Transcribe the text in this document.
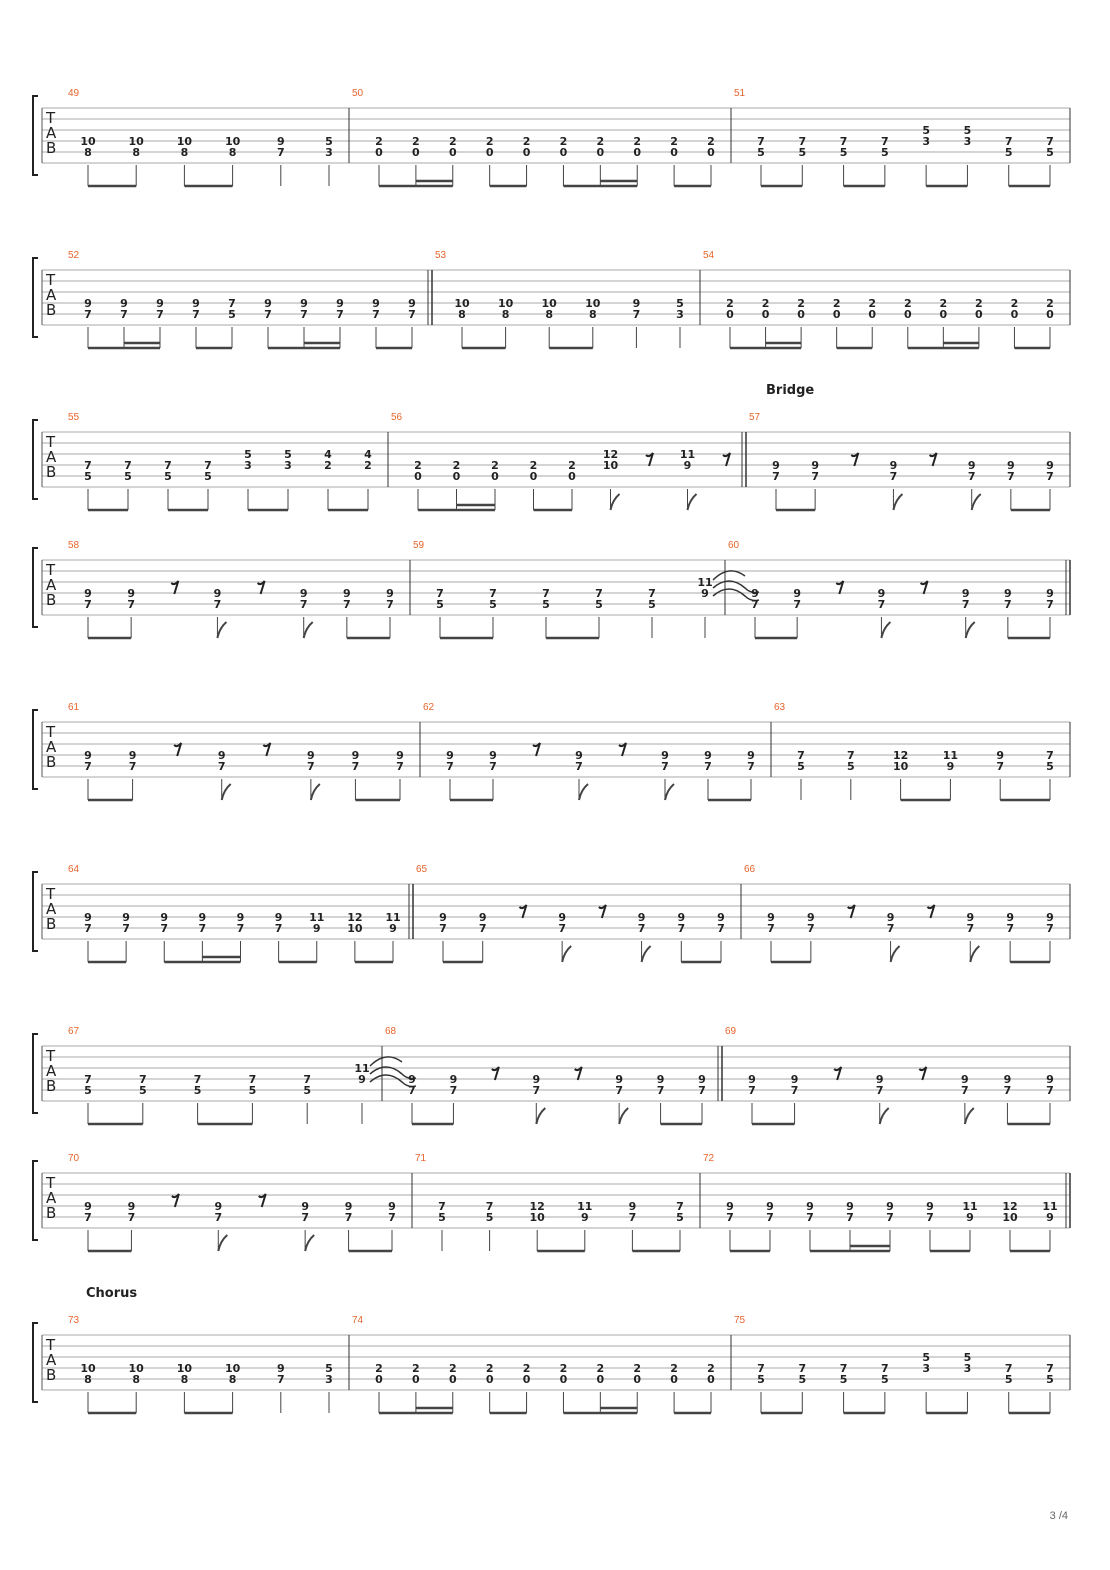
T
A
B
49
10
8
10
8
10
8
10
8
9
7
5
3
50
2
0
2
0
2
0
2
0
2
0
2
0
2
0
2
0
2
0
2
0
51
7
5
7
5
7
5
7
5
5
3
5
3	7
5
7
5
T
A
B
52
9
7
9
7
9
7
9
7
7
5
9
7
9
7
9
7
9
7
9
7
53
10
8
10
8
10
8
10
8
9
7
5
3
54
2
0
2
0
2
0
2
0
2
0
2
0
2
0
2
0
2
0
2
0
T
A
B
55
7
5
7
5
7
5
7
5
5
3
5
3
4
2
4
2
56
2
0
2
0
2
0
2
0
2
0
12
10
11
9
57
Bridge
9
7
9
7
9
7
9
7
9
7
9
7
T
A
B
58
9
7
9
7
9
7
9
7
9
7
9
7
59
7
5
7
5
7
5
7
5
7
5
11
9
60
9
7
9
7
9
7
9
7
9
7
9
7
T
A
B
61
9
7
9
7
9
7
9
7
9
7
9
7
62
9
7
9
7
9
7
9
7
9
7
9
7
63
7
5
7
5
12
10
11
9
9
7
7
5
T
A
B
64
9
7
9
7
9
7
9
7
9
7
9
7
11
9
12
10
11
9
65
9
7
9
7
9
7
9
7
9
7
9
7
66
9
7
9
7
9
7
9
7
9
7
9
7
T
A
B
67
7
5
7
5
7
5
7
5
7
5
11
9
68
9
7
9
7
9
7
9
7
9
7
9
7
69
9
7
9
7
9
7
9
7
9
7
9
7
T
A
B
70
9
7
9
7
9
7
9
7
9
7
9
7
71
7
5
7
5
12
10
11
9
9
7
7
5
72
9
7
9
7
9
7
9
7
9
7
9
7
11
9
12
10
11
9
T
A
B
73
Chorus
10
8
10
8
10
8
10
8
9
7
5
3
74
2
0
2
0
2
0
2
0
2
0
2
0
2
0
2
0
2
0
2
0
75
7
5
7
5
7
5
7
5
5
3
5
3	7
5
7
5
3 /4
